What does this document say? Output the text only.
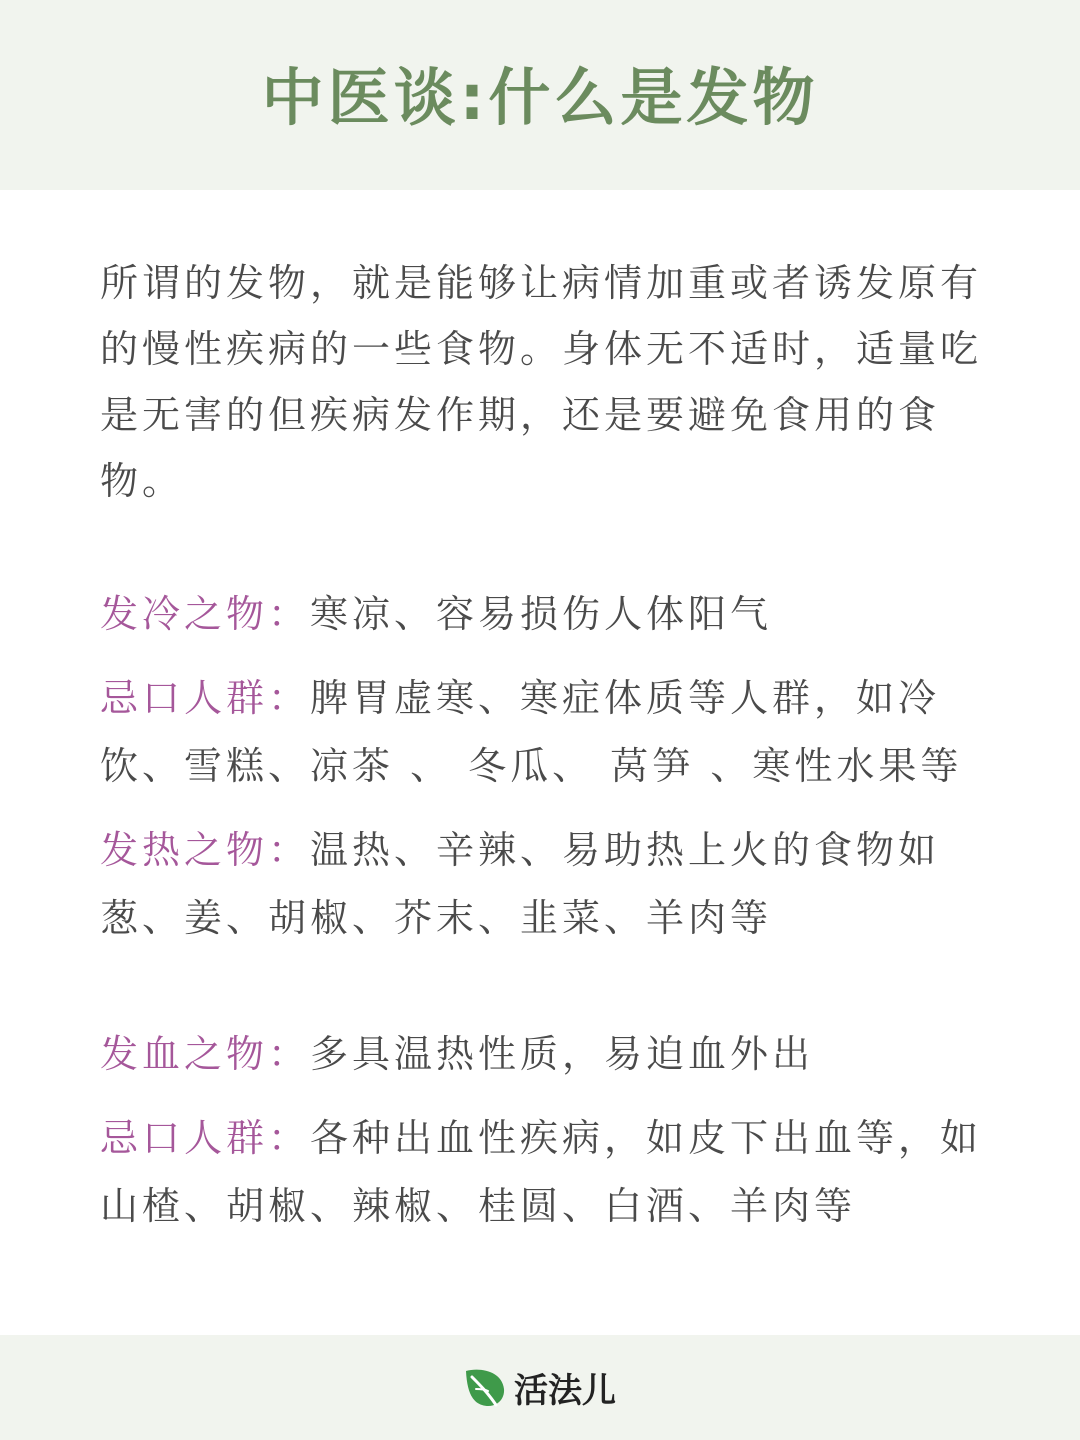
中医谈:什么是发物

所谓的发物，就是能够让病情加重或者诱发原有的慢性疾病的一些食物。身体无不适时，适量吃是无害的但疾病发作期，还是要避免食用的食物。

发冷之物：寒凉、容易损伤人体阳气

忌口人群：脾胃虚寒、寒症体质等人群，如冷饮、雪糕、凉茶 、 冬瓜、 莴笋 、寒性水果等

发热之物：温热、辛辣、易助热上火的食物如葱、姜、胡椒、芥末、韭菜、羊肉等

发血之物：多具温热性质，易迫血外出

忌口人群：各种出血性疾病，如皮下出血等，如山楂、胡椒、辣椒、桂圆、白酒、羊肉等

活法儿
